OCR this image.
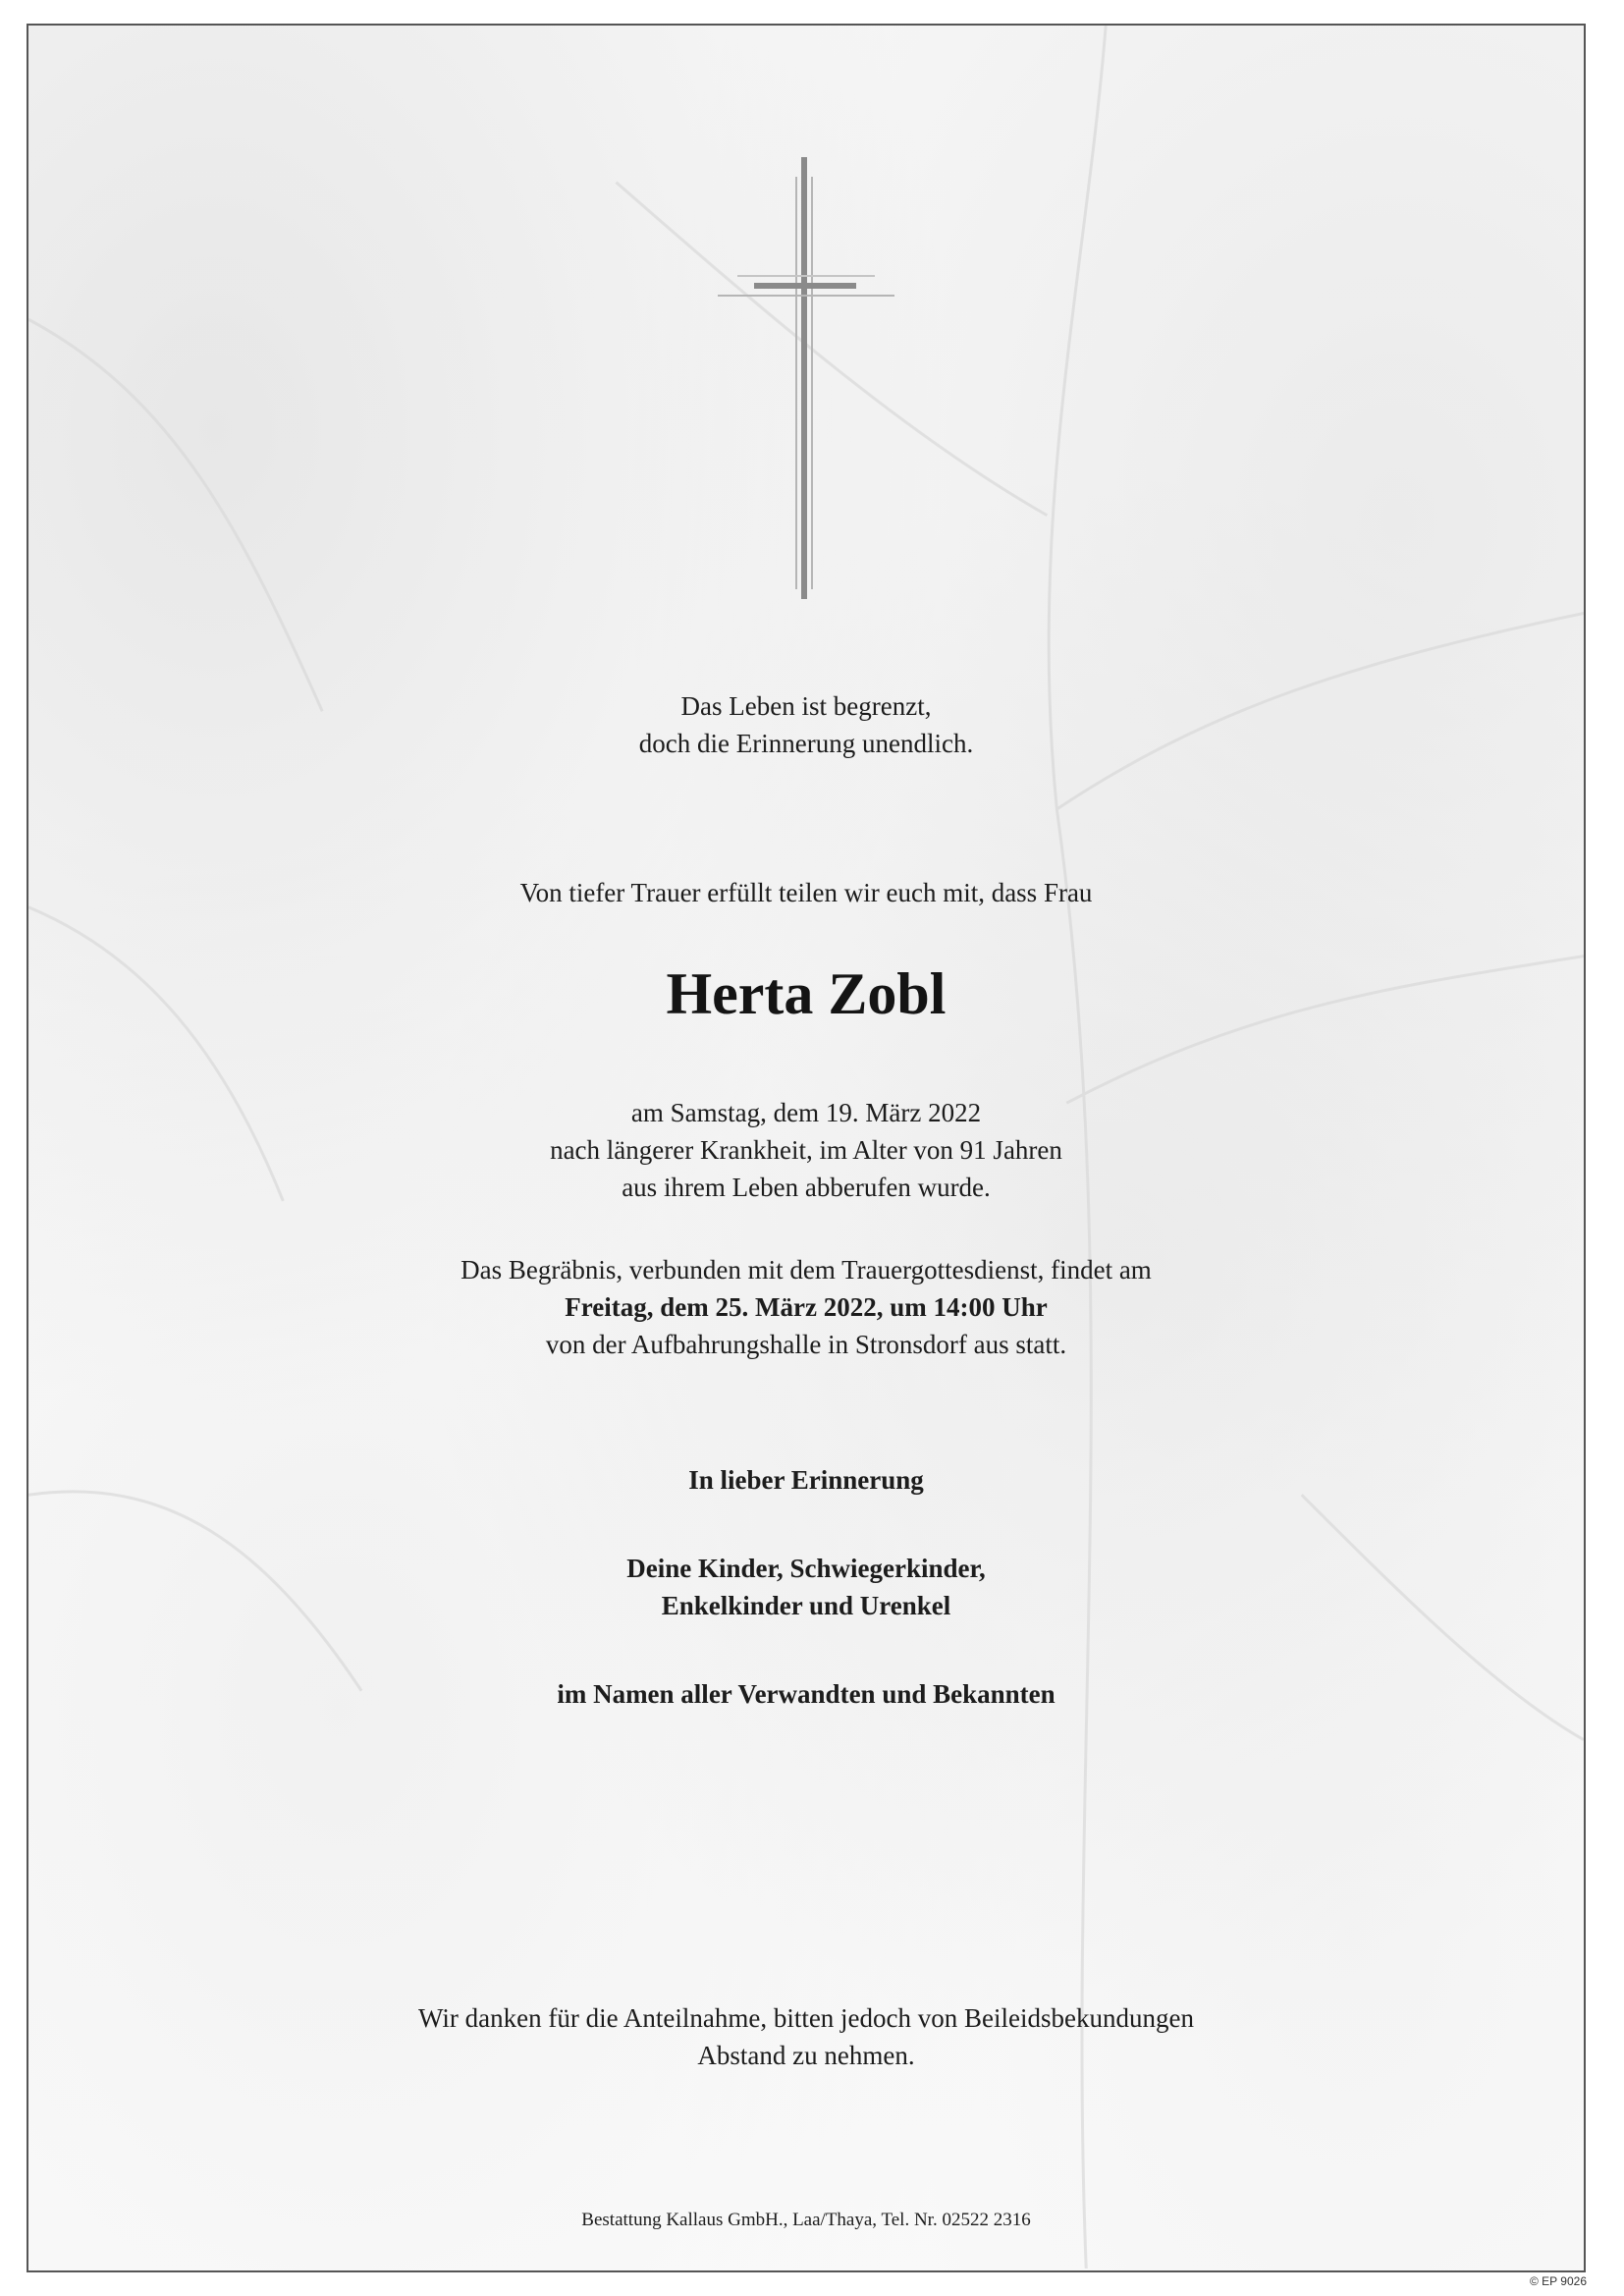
Das Leben ist begrenzt,
doch die Erinnerung unendlich.
Von tiefer Trauer erfüllt teilen wir euch mit, dass Frau
Herta Zobl
am Samstag, dem 19. März 2022
nach längerer Krankheit, im Alter von 91 Jahren
aus ihrem Leben abberufen wurde.
Das Begräbnis, verbunden mit dem Trauergottesdienst, findet am
Freitag, dem 25. März 2022, um 14:00 Uhr
von der Aufbahrungshalle in Stronsdorf aus statt.
In lieber Erinnerung
Deine Kinder, Schwiegerkinder,
Enkelkinder und Urenkel
im Namen aller Verwandten und Bekannten
Wir danken für die Anteilnahme, bitten jedoch von Beileidsbekundungen
Abstand zu nehmen.
Bestattung Kallaus GmbH., Laa/Thaya, Tel. Nr. 02522 2316
© EP 9026
